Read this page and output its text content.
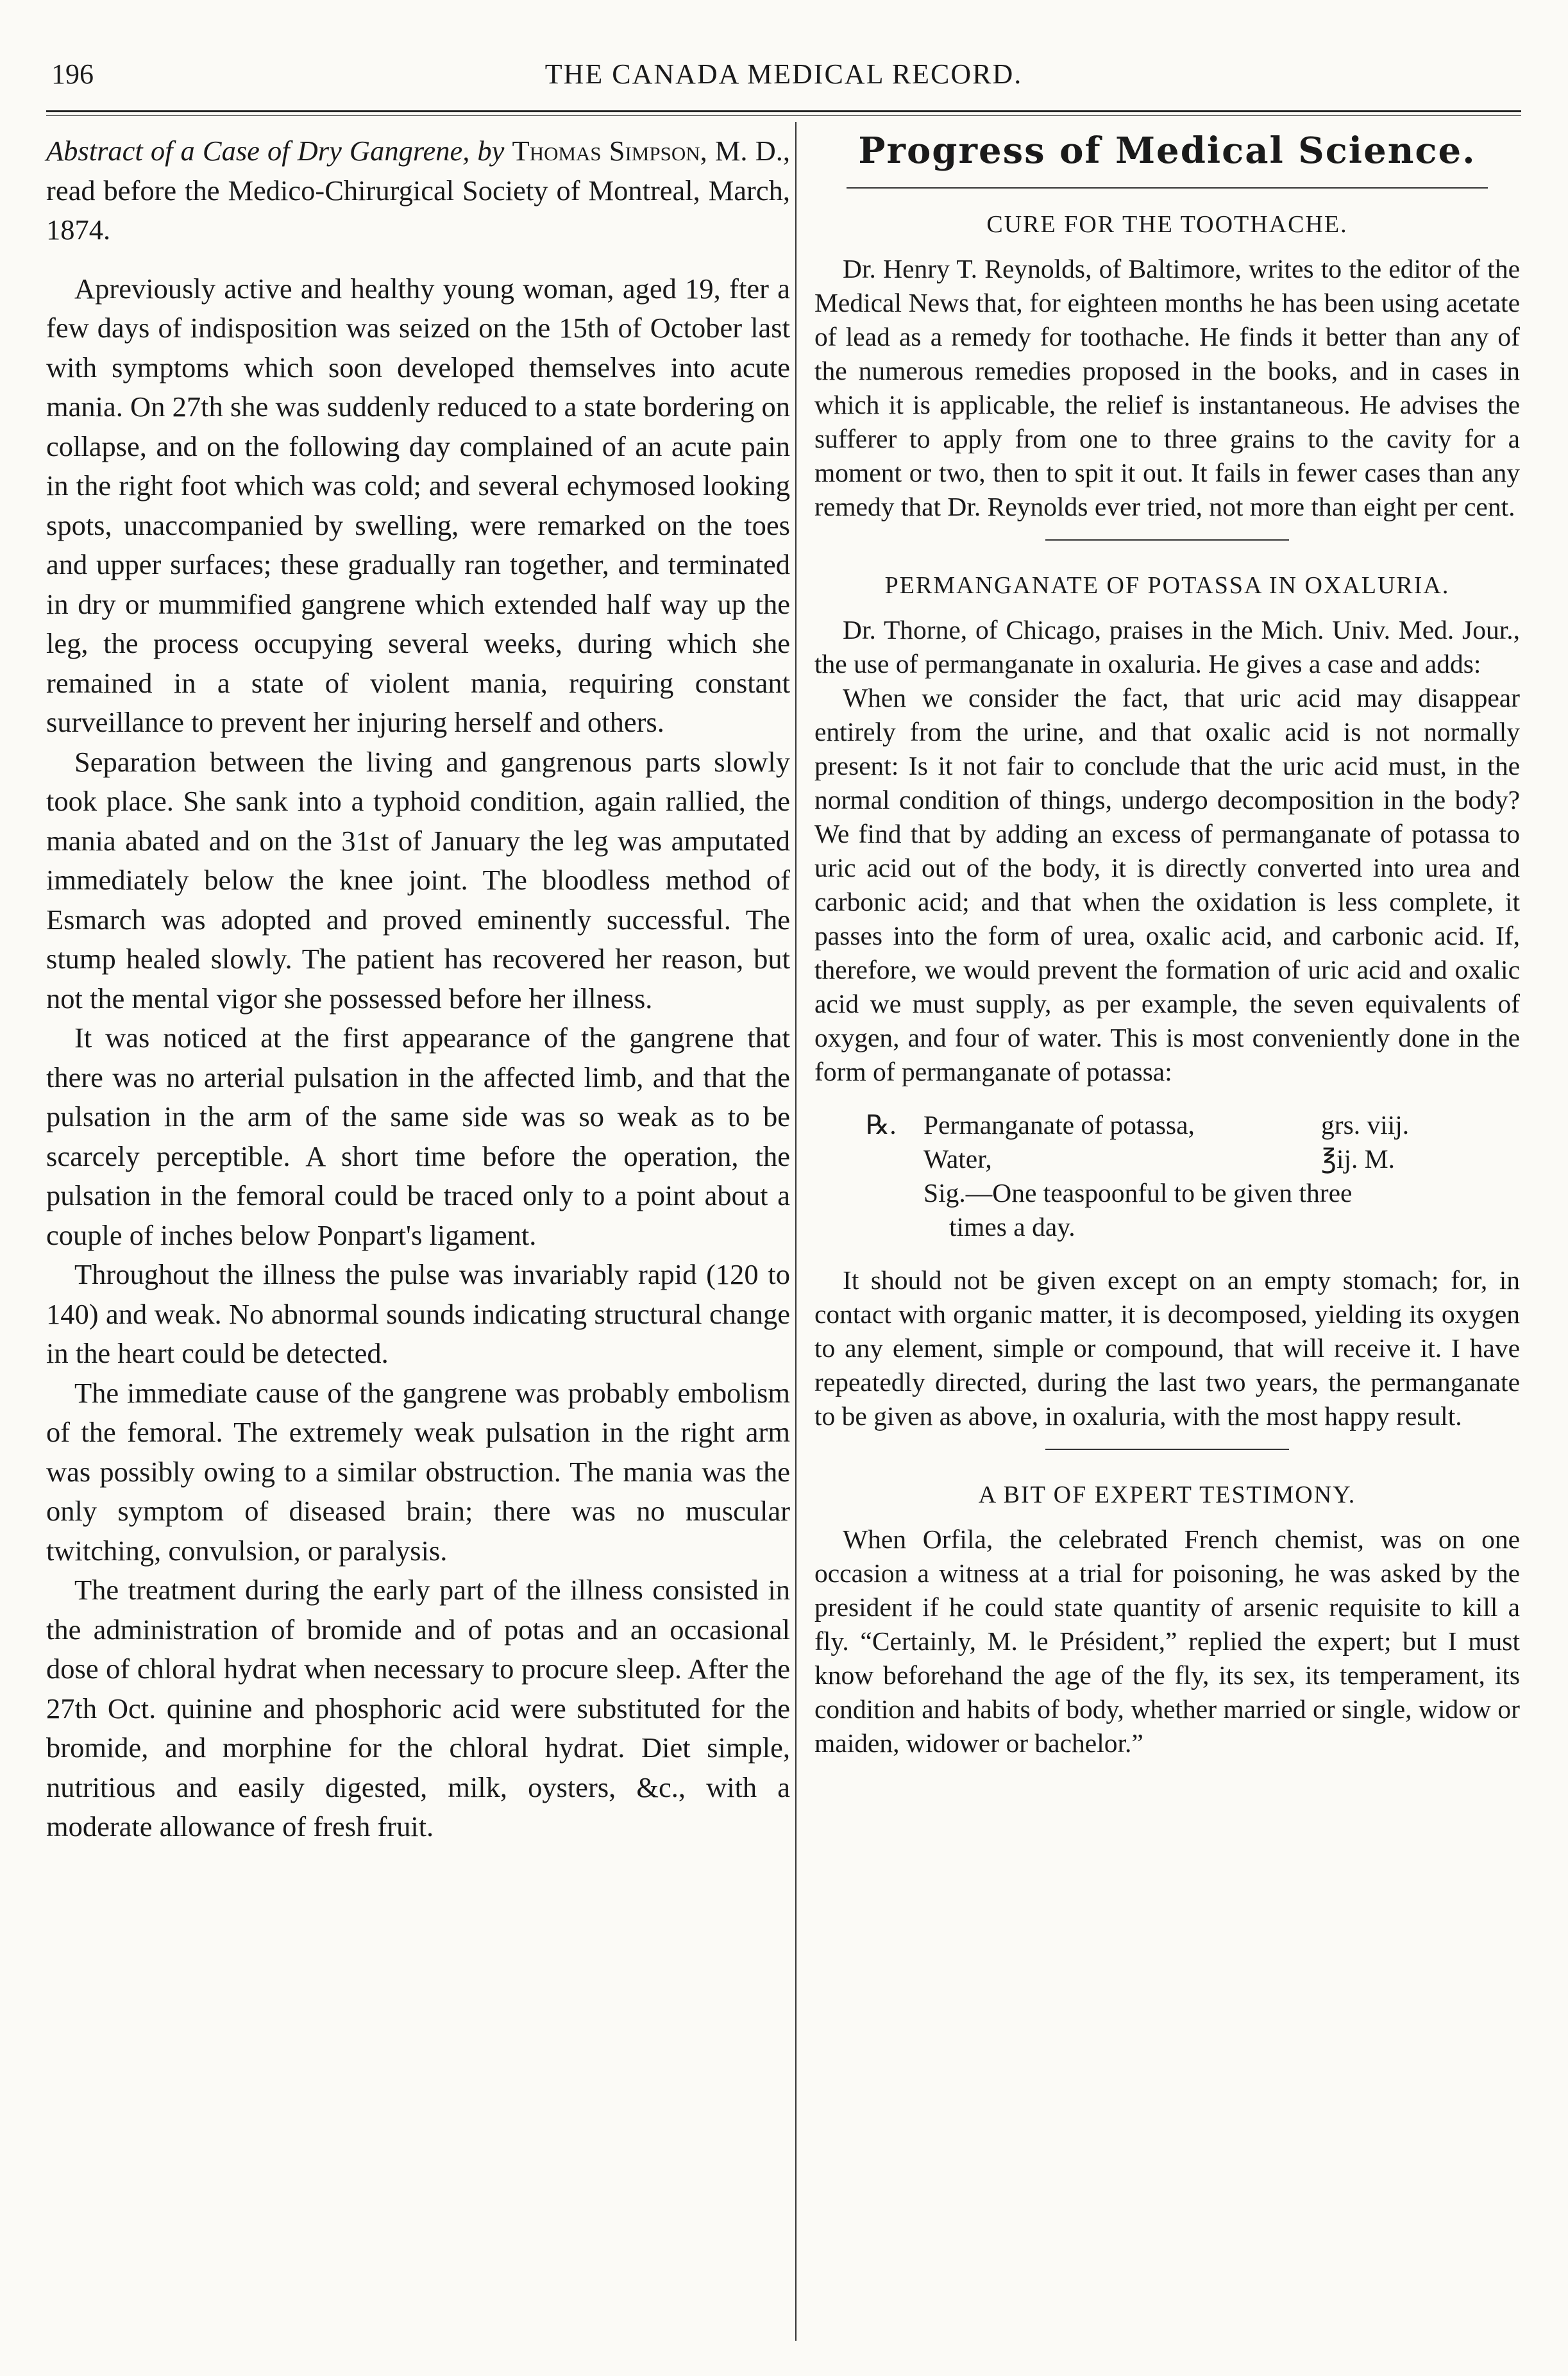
196	THE CANADA MEDICAL RECORD.

Abstract of a Case of Dry Gangrene, by Thomas Simpson, M. D., read before the Medico-Chirurgical Society of Montreal, March, 1874.

Apreviously active and healthy young woman, aged 19, fter a few days of indisposition was seized on the 15th of October last with symptoms which soon developed themselves into acute mania. On 27th she was suddenly reduced to a state bordering on collapse, and on the following day complained of an acute pain in the right foot which was cold; and several echymosed looking spots, unaccompanied by swelling, were remarked on the toes and upper surfaces; these gradually ran together, and terminated in dry or mummified gangrene which extended half way up the leg, the process occupying several weeks, during which she remained in a state of violent mania, requiring constant surveillance to prevent her injuring herself and others.

Separation between the living and gangrenous parts slowly took place. She sank into a typhoid condition, again rallied, the mania abated and on the 31st of January the leg was amputated immediately below the knee joint. The bloodless method of Esmarch was adopted and proved eminently successful. The stump healed slowly. The patient has recovered her reason, but not the mental vigor she possessed before her illness.

It was noticed at the first appearance of the gangrene that there was no arterial pulsation in the affected limb, and that the pulsation in the arm of the same side was so weak as to be scarcely perceptible. A short time before the operation, the pulsation in the femoral could be traced only to a point about a couple of inches below Ponpart's ligament.

Throughout the illness the pulse was invariably rapid (120 to 140) and weak. No abnormal sounds indicating structural change in the heart could be detected.

The immediate cause of the gangrene was probably embolism of the femoral. The extremely weak pulsation in the right arm was possibly owing to a similar obstruction. The mania was the only symptom of diseased brain; there was no muscular twitching, convulsion, or paralysis.

The treatment during the early part of the illness consisted in the administration of bromide and of potas and an occasional dose of chloral hydrat when necessary to procure sleep. After the 27th Oct. quinine and phosphoric acid were substituted for the bromide, and morphine for the chloral hydrat. Diet simple, nutritious and easily digested, milk, oysters, &c., with a moderate allowance of fresh fruit.

Progress of Medical Science.
CURE FOR THE TOOTHACHE.

Dr. Henry T. Reynolds, of Baltimore, writes to the editor of the Medical News that, for eighteen months he has been using acetate of lead as a remedy for toothache. He finds it better than any of the numerous remedies proposed in the books, and in cases in which it is applicable, the relief is instantaneous. He advises the sufferer to apply from one to three grains to the cavity for a moment or two, then to spit it out. It fails in fewer cases than any remedy that Dr. Reynolds ever tried, not more than eight per cent.

PERMANGANATE OF POTASSA IN OXALURIA.

Dr. Thorne, of Chicago, praises in the Mich. Univ. Med. Jour., the use of permanganate in oxaluria. He gives a case and adds:

When we consider the fact, that uric acid may disappear entirely from the urine, and that oxalic acid is not normally present: Is it not fair to conclude that the uric acid must, in the normal condition of things, undergo decomposition in the body? We find that by adding an excess of permanganate of potassa to uric acid out of the body, it is directly converted into urea and carbonic acid; and that when the oxidation is less complete, it passes into the form of urea, oxalic acid, and carbonic acid. If, therefore, we would prevent the formation of uric acid and oxalic acid we must supply, as per example, the seven equivalents of oxygen, and four of water. This is most conveniently done in the form of permanganate of potassa:

℞.	Permanganate of potassa,	grs. viij.
Water,	℥ij. M.
Sig.—One teaspoonful to be given three
times a day.

It should not be given except on an empty stomach; for, in contact with organic matter, it is decomposed, yielding its oxygen to any element, simple or compound, that will receive it. I have repeatedly directed, during the last two years, the permanganate to be given as above, in oxaluria, with the most happy result.

A BIT OF EXPERT TESTIMONY.

When Orfila, the celebrated French chemist, was on one occasion a witness at a trial for poisoning, he was asked by the president if he could state quantity of arsenic requisite to kill a fly. “Certainly, M. le Président,” replied the expert; but I must know beforehand the age of the fly, its sex, its temperament, its condition and habits of body, whether married or single, widow or maiden, widower or bachelor.”
